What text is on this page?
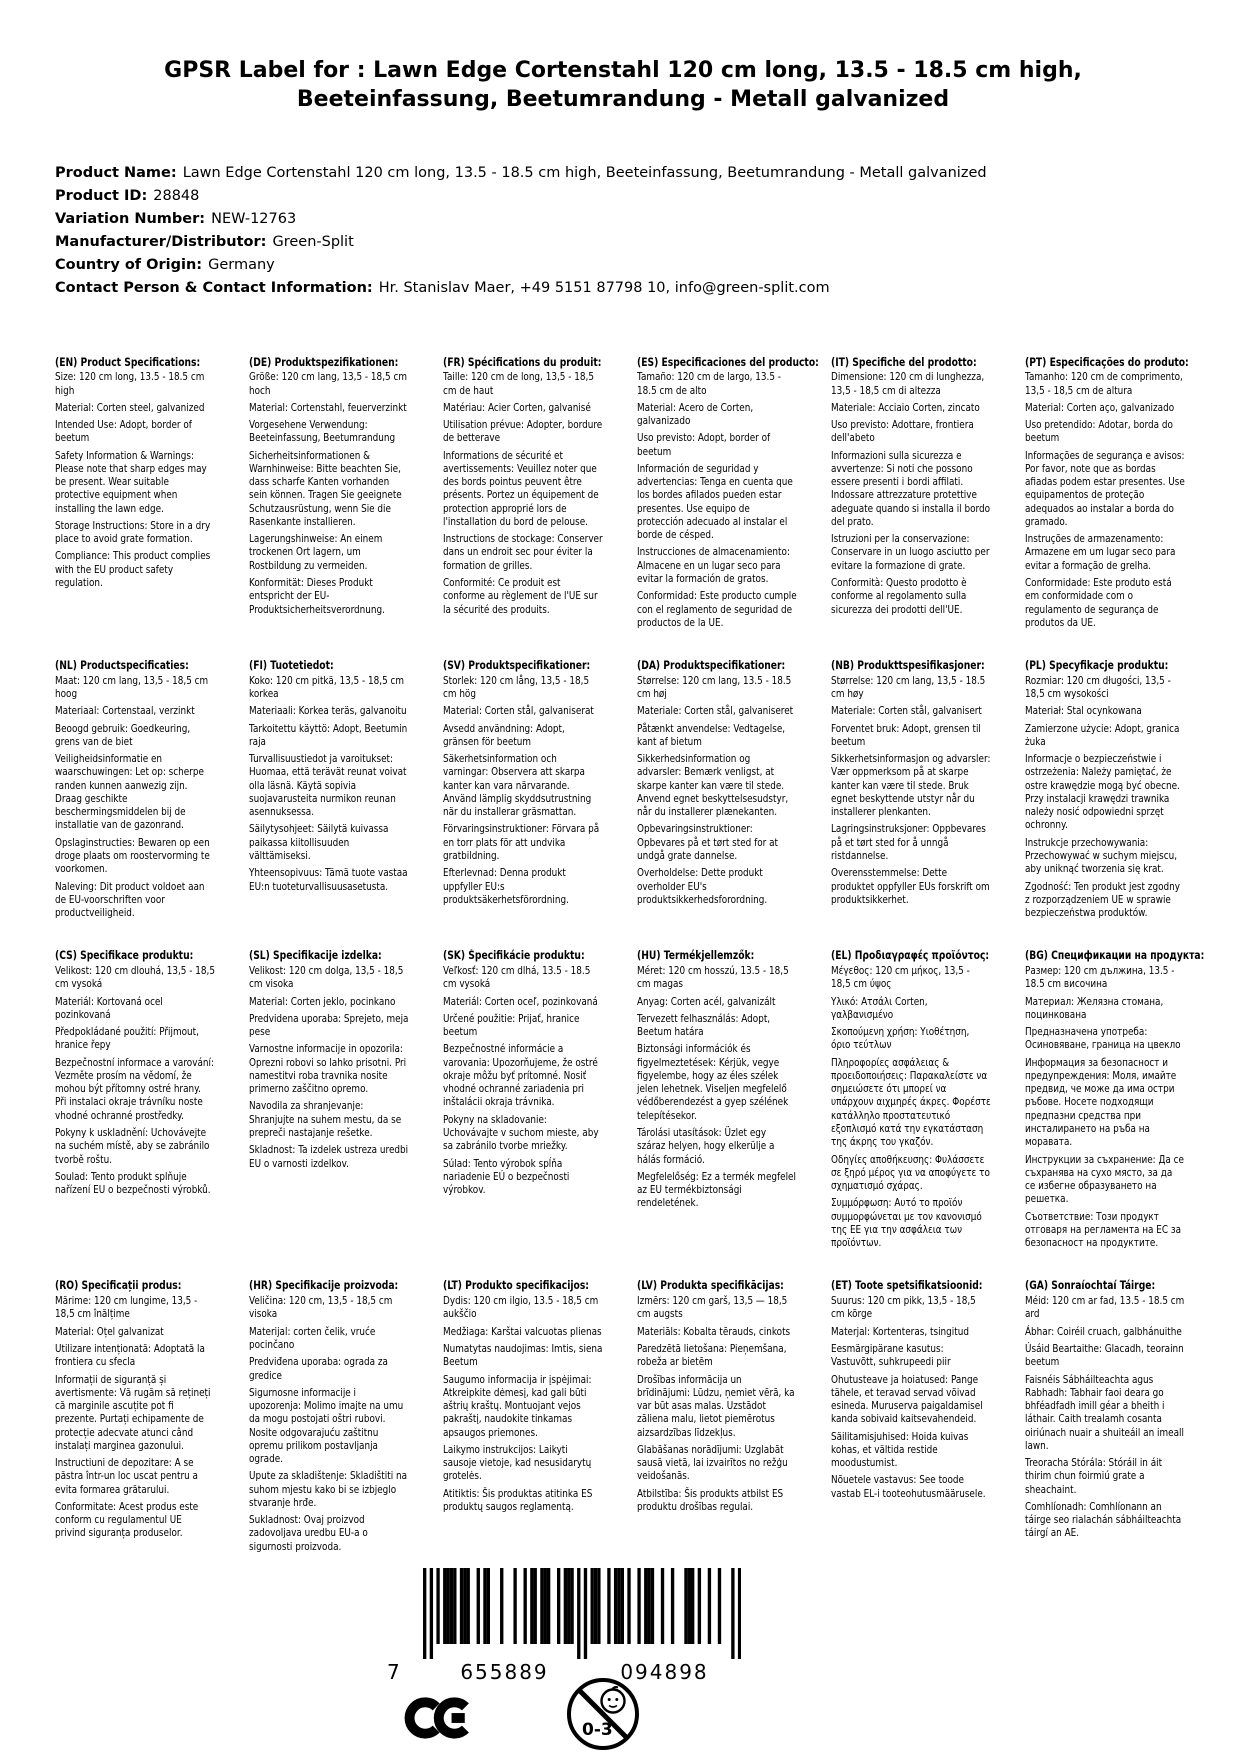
GPSR Label for : Lawn Edge Cortenstahl 120 cm long, 13.5 - 18.5 cm high, Beeteinfassung, Beetumrandung - Metall galvanized
Product Name: Lawn Edge Cortenstahl 120 cm long, 13.5 - 18.5 cm high, Beeteinfassung, Beetumrandung - Metall galvanized
Product ID: 28848
Variation Number: NEW-12763
Manufacturer/Distributor: Green-Split
Country of Origin: Germany
Contact Person & Contact Information: Hr. Stanislav Maer, +49 5151 87798 10, info@green-split.com
(EN) Product Specifications:

Size: 120 cm long, 13.5 - 18.5 cm high

Material: Corten steel, galvanized

Intended Use: Adopt, border of beetum

Safety Information & Warnings: Please note that sharp edges may be present. Wear suitable protective equipment when installing the lawn edge.

Storage Instructions: Store in a dry place to avoid grate formation.

Compliance: This product complies with the EU product safety regulation.

(DE) Produktspezifikationen:

Größe: 120 cm lang, 13,5 - 18,5 cm hoch

Material: Cortenstahl, feuerverzinkt

Vorgesehene Verwendung: Beeteinfassung, Beetumrandung

Sicherheitsinformationen & Warnhinweise: Bitte beachten Sie, dass scharfe Kanten vorhanden sein können. Tragen Sie geeignete Schutzausrüstung, wenn Sie die Rasenkante installieren.

Lagerungshinweise: An einem trockenen Ort lagern, um Rostbildung zu vermeiden.

Konformität: Dieses Produkt entspricht der EU-Produktsicherheitsverordnung.

(FR) Spécifications du produit:

Taille: 120 cm de long, 13,5 - 18,5 cm de haut

Matériau: Acier Corten, galvanisé

Utilisation prévue: Adopter, bordure de betterave

Informations de sécurité et avertissements: Veuillez noter que des bords pointus peuvent être présents. Portez un équipement de protection approprié lors de l'installation du bord de pelouse.

Instructions de stockage: Conserver dans un endroit sec pour éviter la formation de grilles.

Conformité: Ce produit est conforme au règlement de l'UE sur la sécurité des produits.

(ES) Especificaciones del producto:

Tamaño: 120 cm de largo, 13.5 - 18.5 cm de alto

Material: Acero de Corten, galvanizado

Uso previsto: Adopt, border of beetum

Información de seguridad y advertencias: Tenga en cuenta que los bordes afilados pueden estar presentes. Use equipo de protección adecuado al instalar el borde de césped.

Instrucciones de almacenamiento: Almacene en un lugar seco para evitar la formación de gratos.

Conformidad: Este producto cumple con el reglamento de seguridad de productos de la UE.

(IT) Specifiche del prodotto:

Dimensione: 120 cm di lunghezza, 13,5 - 18,5 cm di altezza

Materiale: Acciaio Corten, zincato

Uso previsto: Adottare, frontiera dell'abeto

Informazioni sulla sicurezza e avvertenze: Si noti che possono essere presenti i bordi affilati. Indossare attrezzature protettive adeguate quando si installa il bordo del prato.

Istruzioni per la conservazione: Conservare in un luogo asciutto per evitare la formazione di grate.

Conformità: Questo prodotto è conforme al regolamento sulla sicurezza dei prodotti dell'UE.

(PT) Especificações do produto:

Tamanho: 120 cm de comprimento, 13,5 - 18,5 cm de altura

Material: Corten aço, galvanizado

Uso pretendido: Adotar, borda do beetum

Informações de segurança e avisos: Por favor, note que as bordas afiadas podem estar presentes. Use equipamentos de proteção adequados ao instalar a borda do gramado.

Instruções de armazenamento: Armazene em um lugar seco para evitar a formação de grelha.

Conformidade: Este produto está em conformidade com o regulamento de segurança de produtos da UE.

(NL) Productspecificaties:

Maat: 120 cm lang, 13,5 - 18,5 cm hoog

Materiaal: Cortenstaal, verzinkt

Beoogd gebruik: Goedkeuring, grens van de biet

Veiligheidsinformatie en waarschuwingen: Let op: scherpe randen kunnen aanwezig zijn. Draag geschikte beschermingsmiddelen bij de installatie van de gazonrand.

Opslaginstructies: Bewaren op een droge plaats om roostervorming te voorkomen.

Naleving: Dit product voldoet aan de EU-voorschriften voor productveiligheid.

(FI) Tuotetiedot:

Koko: 120 cm pitkä, 13,5 - 18,5 cm korkea

Materiaali: Korkea teräs, galvanoitu

Tarkoitettu käyttö: Adopt, Beetumin raja

Turvallisuustiedot ja varoitukset: Huomaa, että terävät reunat voivat olla läsnä. Käytä sopivia suojavarusteita nurmikon reunan asennuksessa.

Säilytysohjeet: Säilytä kuivassa paikassa kiitollisuuden välttämiseksi.

Yhteensopivuus: Tämä tuote vastaa EU:n tuoteturvallisuusasetusta.

(SV) Produktspecifikationer:

Storlek: 120 cm lång, 13,5 - 18,5 cm hög

Material: Corten stål, galvaniserat

Avsedd användning: Adopt, gränsen för beetum

Säkerhetsinformation och varningar: Observera att skarpa kanter kan vara närvarande. Använd lämplig skyddsutrustning när du installerar gräsmattan.

Förvaringsinstruktioner: Förvara på en torr plats för att undvika gratbildning.

Efterlevnad: Denna produkt uppfyller EU:s produktsäkerhetsförordning.

(DA) Produktspecifikationer:

Størrelse: 120 cm lang, 13.5 - 18.5 cm høj

Materiale: Corten stål, galvaniseret

Påtænkt anvendelse: Vedtagelse, kant af bietum

Sikkerhedsinformation og advarsler: Bemærk venligst, at skarpe kanter kan være til stede. Anvend egnet beskyttelsesudstyr, når du installerer plænekanten.

Opbevaringsinstruktioner: Opbevares på et tørt sted for at undgå grate dannelse.

Overholdelse: Dette produkt overholder EU's produktsikkerhedsforordning.

(NB) Produkttspesifikasjoner:

Størrelse: 120 cm lang, 13,5 - 18.5 cm høy

Materiale: Corten stål, galvanisert

Forventet bruk: Adopt, grensen til beetum

Sikkerhetsinformasjon og advarsler: Vær oppmerksom på at skarpe kanter kan være til stede. Bruk egnet beskyttende utstyr når du installerer plenkanten.

Lagringsinstruksjoner: Oppbevares på et tørt sted for å unngå ristdannelse.

Overensstemmelse: Dette produktet oppfyller EUs forskrift om produktsikkerhet.

(PL) Specyfikacje produktu:

Rozmiar: 120 cm długości, 13,5 - 18,5 cm wysokości

Materiał: Stal ocynkowana

Zamierzone użycie: Adopt, granica żuka

Informacje o bezpieczeństwie i ostrzeżenia: Należy pamiętać, że ostre krawędzie mogą być obecne. Przy instalacji krawędzi trawnika należy nosić odpowiedni sprzęt ochronny.

Instrukcje przechowywania: Przechowywać w suchym miejscu, aby uniknąć tworzenia się krat.

Zgodność: Ten produkt jest zgodny z rozporządzeniem UE w sprawie bezpieczeństwa produktów.

(CS) Specifikace produktu:

Velikost: 120 cm dlouhá, 13,5 - 18,5 cm vysoká

Materiál: Kortovaná ocel pozinkovaná

Předpokládané použití: Přijmout, hranice řepy

Bezpečnostní informace a varování: Vezměte prosím na vědomí, že mohou být přítomny ostré hrany. Při instalaci okraje trávníku noste vhodné ochranné prostředky.

Pokyny k uskladnění: Uchovávejte na suchém místě, aby se zabránilo tvorbě roštu.

Soulad: Tento produkt splňuje nařízení EU o bezpečnosti výrobků.

(SL) Specifikacije izdelka:

Velikost: 120 cm dolga, 13,5 - 18,5 cm visoka

Material: Corten jeklo, pocinkano

Predvidena uporaba: Sprejeto, meja pese

Varnostne informacije in opozorila: Oprezni robovi so lahko prisotni. Pri namestitvi roba travnika nosite primerno zaščitno opremo.

Navodila za shranjevanje: Shranjujte na suhem mestu, da se prepreči nastajanje rešetke.

Skladnost: Ta izdelek ustreza uredbi EU o varnosti izdelkov.

(SK) Špecifikácie produktu:

Veľkosť: 120 cm dlhá, 13.5 - 18.5 cm vysoká

Materiál: Corten oceľ, pozinkovaná

Určené použitie: Prijať, hranice beetum

Bezpečnostné informácie a varovania: Upozorňujeme, že ostré okraje môžu byť prítomné. Nosiť vhodné ochranné zariadenia pri inštalácii okraja trávnika.

Pokyny na skladovanie: Uchovávajte v suchom mieste, aby sa zabránilo tvorbe mriežky.

Súlad: Tento výrobok spĺňa nariadenie EÚ o bezpečnosti výrobkov.

(HU) Termékjellemzők:

Méret: 120 cm hosszú, 13.5 - 18,5 cm magas

Anyag: Corten acél, galvanizált

Tervezett felhasználás: Adopt, Beetum határa

Biztonsági információk és figyelmeztetések: Kérjük, vegye figyelembe, hogy az éles szélek jelen lehetnek. Viseljen megfelelő védőberendezést a gyep szélének telepítésekor.

Tárolási utasítások: Üzlet egy száraz helyen, hogy elkerülje a hálás formáció.

Megfelelőség: Ez a termék megfelel az EU termékbiztonsági rendeletének.

(EL) Προδιαγραφές προϊόντος:

Μέγεθος: 120 cm μήκος, 13,5 - 18,5 cm ύψος

Υλικό: Ατσάλι Corten, γαλβανισμένο

Σκοπούμενη χρήση: Υιοθέτηση, όριο τεύτλων

Πληροφορίες ασφάλειας & προειδοποιήσεις: Παρακαλείστε να σημειώσετε ότι μπορεί να υπάρχουν αιχμηρές άκρες. Φορέστε κατάλληλο προστατευτικό εξοπλισμό κατά την εγκατάσταση της άκρης του γκαζόν.

Οδηγίες αποθήκευσης: Φυλάσσετε σε ξηρό μέρος για να αποφύγετε το σχηματισμό σχάρας.

Συμμόρφωση: Αυτό το προϊόν συμμορφώνεται με τον κανονισμό της ΕΕ για την ασφάλεια των προϊόντων.

(BG) Спецификации на продукта:

Размер: 120 cm дължина, 13.5 - 18.5 cm височина

Материал: Желязна стомана, поцинкована

Предназначена употреба: Осиновяване, граница на цвекло

Информация за безопасност и предупреждения: Моля, имайте предвид, че може да има остри ръбове. Носете подходящи предпазни средства при инсталирането на ръба на моравата.

Инструкции за съхранение: Да се съхранява на сухо място, за да се избегне образуването на решетка.

Съответствие: Този продукт отговаря на регламента на ЕС за безопасност на продуктите.

(RO) Specificații produs:

Mărime: 120 cm lungime, 13,5 - 18,5 cm înălțime

Material: Oțel galvanizat

Utilizare intenționată: Adoptată la frontiera cu sfecla

Informații de siguranță și avertismente: Vă rugăm să rețineți că marginile ascuțite pot fi prezente. Purtați echipamente de protecție adecvate atunci când instalați marginea gazonului.

Instructiuni de depozitare: A se păstra într-un loc uscat pentru a evita formarea grătarului.

Conformitate: Acest produs este conform cu regulamentul UE privind siguranța produselor.

(HR) Specifikacije proizvoda:

Veličina: 120 cm, 13,5 - 18,5 cm visoka

Materijal: corten čelik, vruće pocinčano

Predviđena uporaba: ograda za gredice

Sigurnosne informacije i upozorenja: Molimo imajte na umu da mogu postojati oštri rubovi. Nosite odgovarajuću zaštitnu opremu prilikom postavljanja ograde.

Upute za skladištenje: Skladištiti na suhom mjestu kako bi se izbjeglo stvaranje hrđe.

Sukladnost: Ovaj proizvod zadovoljava uredbu EU-a o sigurnosti proizvoda.

(LT) Produkto specifikacijos:

Dydis: 120 cm ilgio, 13.5 - 18,5 cm aukščio

Medžiaga: Karštai valcuotas plienas

Numatytas naudojimas: Imtis, siena Beetum

Saugumo informacija ir įspėjimai: Atkreipkite dėmesį, kad gali būti aštrių kraštų. Montuojant vejos pakraštį, naudokite tinkamas apsaugos priemones.

Laikymo instrukcijos: Laikyti sausoje vietoje, kad nesusidarytų grotelės.

Atitiktis: Šis produktas atitinka ES produktų saugos reglamentą.

(LV) Produkta specifikācijas:

Izmērs: 120 cm garš, 13,5 — 18,5 cm augsts

Materiāls: Kobalta tērauds, cinkots

Paredzētā lietošana: Pieņemšana, robeža ar bietēm

Drošības informācija un brīdinājumi: Lūdzu, ņemiet vērā, ka var būt asas malas. Uzstādot zāliena malu, lietot piemērotus aizsardzības līdzekļus.

Glabāšanas norādījumi: Uzglabāt sausā vietā, lai izvairītos no režģu veidošanās.

Atbilstība: Šis produkts atbilst ES produktu drošības regulai.

(ET) Toote spetsifikatsioonid:

Suurus: 120 cm pikk, 13,5 - 18,5 cm kõrge

Materjal: Kortenteras, tsingitud

Eesmärgipärane kasutus: Vastuvõtt, suhkrupeedi piir

Ohutusteave ja hoiatused: Pange tähele, et teravad servad võivad esineda. Muruserva paigaldamisel kanda sobivaid kaitsevahendeid.

Säilitamisjuhised: Hoida kuivas kohas, et vältida restide moodustumist.

Nõuetele vastavus: See toode vastab EL-i tooteohutusmäärusele.

(GA) Sonraíochtaí Táirge:

Méid: 120 cm ar fad, 13.5 - 18.5 cm ard

Ábhar: Coiréil cruach, galbhánuithe

Úsáid Beartaithe: Glacadh, teorainn beetum

Faisnéis Sábháilteachta agus Rabhadh: Tabhair faoi deara go bhféadfadh imill géar a bheith i láthair. Caith trealamh cosanta oiriúnach nuair a shuiteáil an imeall lawn.

Treoracha Stórála: Stóráil in áit thirim chun foirmiú grate a sheachaint.

Comhlíonadh: Comhlíonann an táirge seo rialachán sábháilteachta táirgí an AE.

7	655889	094898
0-3
